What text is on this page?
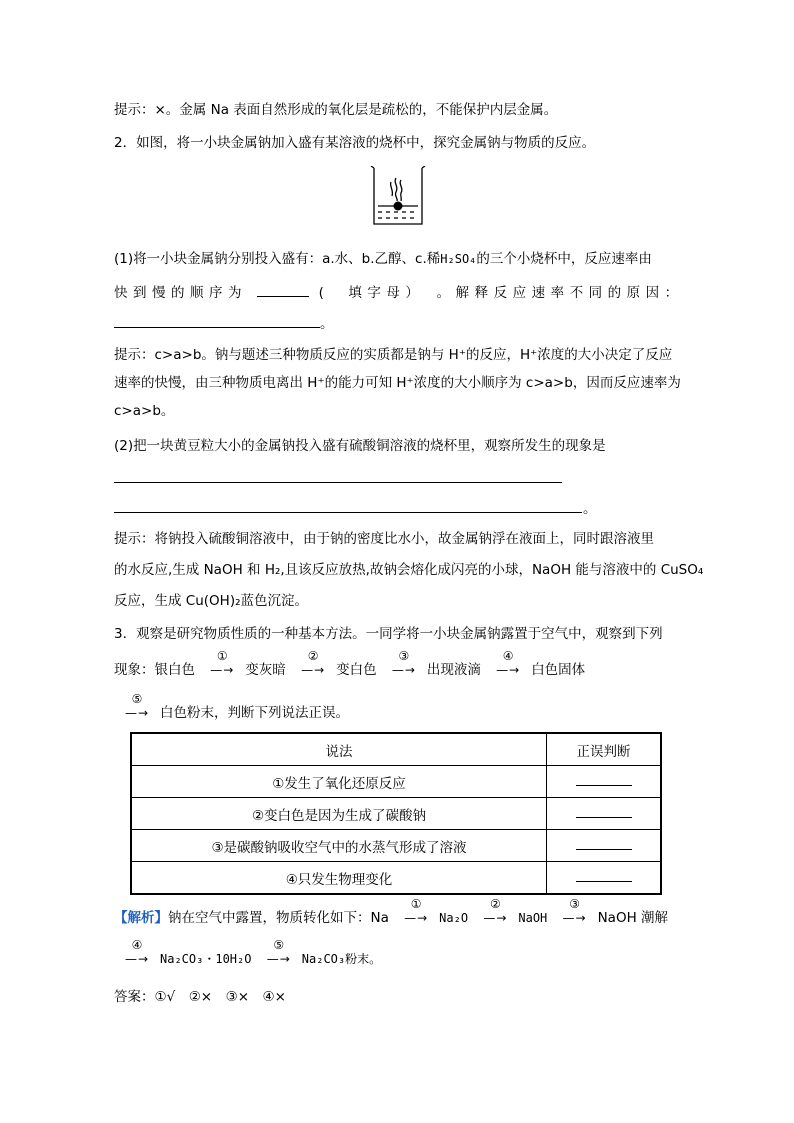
提示：×。金属 Na 表面自然形成的氧化层是疏松的，不能保护内层金属。
2．如图，将一小块金属钠加入盛有某溶液的烧杯中，探究金属钠与物质的反应。
(1)将一小块金属钠分别投入盛有：a.水、b.乙醇、c.稀H₂SO₄的三个小烧杯中，反应速率由
快到慢的顺序为	(　填字母）　。解释反应速率不同的原因：
。
提示：c>a>b。钠与题述三种物质反应的实质都是钠与 H⁺的反应，H⁺浓度的大小决定了反应
速率的快慢，由三种物质电离出 H⁺的能力可知 H⁺浓度的大小顺序为 c>a>b，因而反应速率为
c>a>b。
(2)把一块黄豆粒大小的金属钠投入盛有硫酸铜溶液的烧杯里，观察所发生的现象是
。
提示：将钠投入硫酸铜溶液中，由于钠的密度比水小，故金属钠浮在液面上，同时跟溶液里
的水反应,生成 NaOH 和 H₂,且该反应放热,故钠会熔化成闪亮的小球，NaOH 能与溶液中的 CuSO₄
反应，生成 Cu(OH)₂蓝色沉淀。
3．观察是研究物质性质的一种基本方法。一同学将一小块金属钠露置于空气中，观察到下列
现象：银白色
①
—→ 变灰暗
②
—→ 变白色
③
—→ 出现液滴
④
—→ 白色固体
⑤
—→ 白色粉末，判断下列说法正误。
说法	正误判断
①发生了氧化还原反应	
②变白色是因为生成了碳酸钠	
③是碳酸钠吸收空气中的水蒸气形成了溶液	
④只发生物理变化	
【解析】钠在空气中露置，物质转化如下：Na
①
—→ Na₂O
②
—→ NaOH
③
—→ NaOH 潮解
④
—→ Na₂CO₃・10H₂O
⑤
—→ Na₂CO₃粉末。
答案：①√　②×　③×　④×
